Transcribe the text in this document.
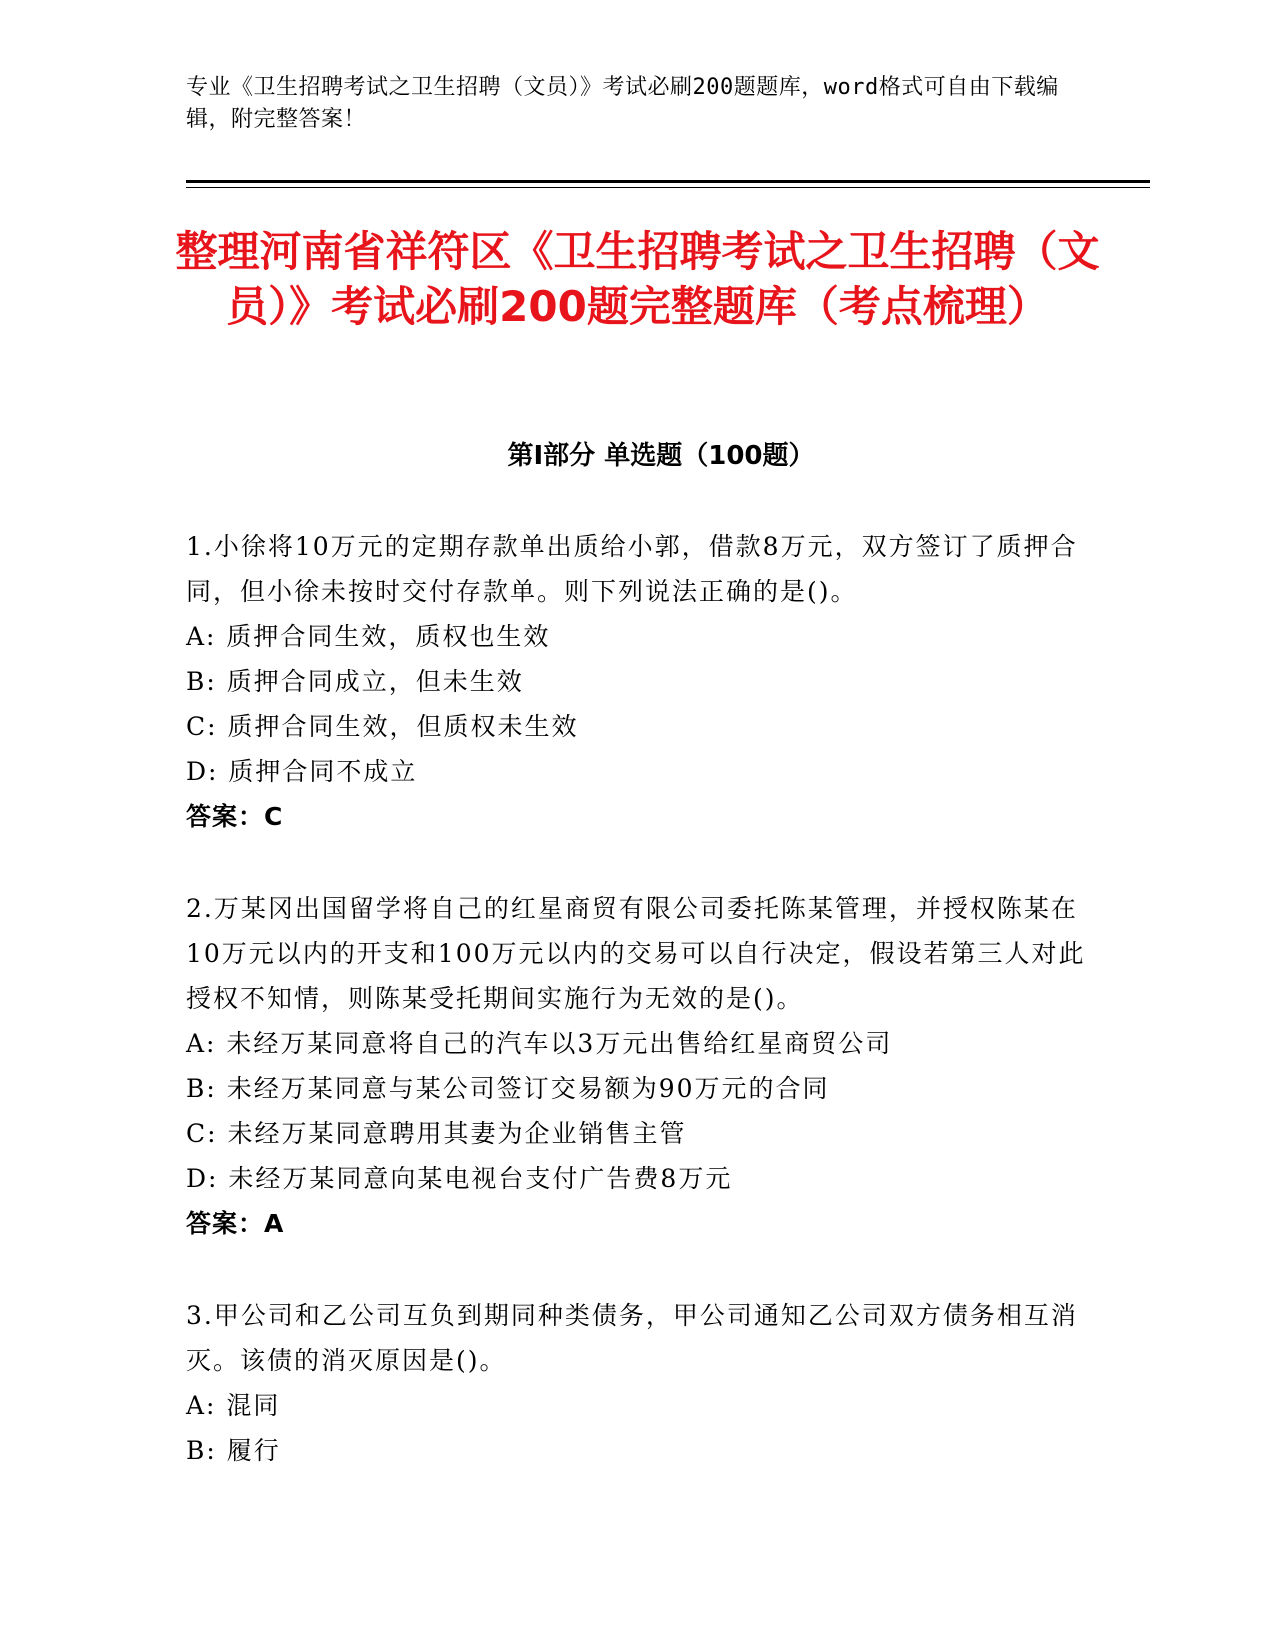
专业《卫生招聘考试之卫生招聘（文员）》考试必刷200题题库，word格式可自由下载编辑，附完整答案！
整理河南省祥符区《卫生招聘考试之卫生招聘（文员）》考试必刷200题完整题库（考点梳理）
第Ⅰ部分 单选题（100题）
1.小徐将10万元的定期存款单出质给小郭，借款8万元，双方签订了质押合同，但小徐未按时交付存款单。则下列说法正确的是()。
A: 质押合同生效，质权也生效
B: 质押合同成立，但未生效
C: 质押合同生效，但质权未生效
D: 质押合同不成立
答案：C
2.万某冈出国留学将自己的红星商贸有限公司委托陈某管理，并授权陈某在10万元以内的开支和100万元以内的交易可以自行决定，假设若第三人对此授权不知情，则陈某受托期间实施行为无效的是()。
A: 未经万某同意将自己的汽车以3万元出售给红星商贸公司
B: 未经万某同意与某公司签订交易额为90万元的合同
C: 未经万某同意聘用其妻为企业销售主管
D: 未经万某同意向某电视台支付广告费8万元
答案：A
3.甲公司和乙公司互负到期同种类债务，甲公司通知乙公司双方债务相互消灭。该债的消灭原因是()。
A: 混同
B: 履行
